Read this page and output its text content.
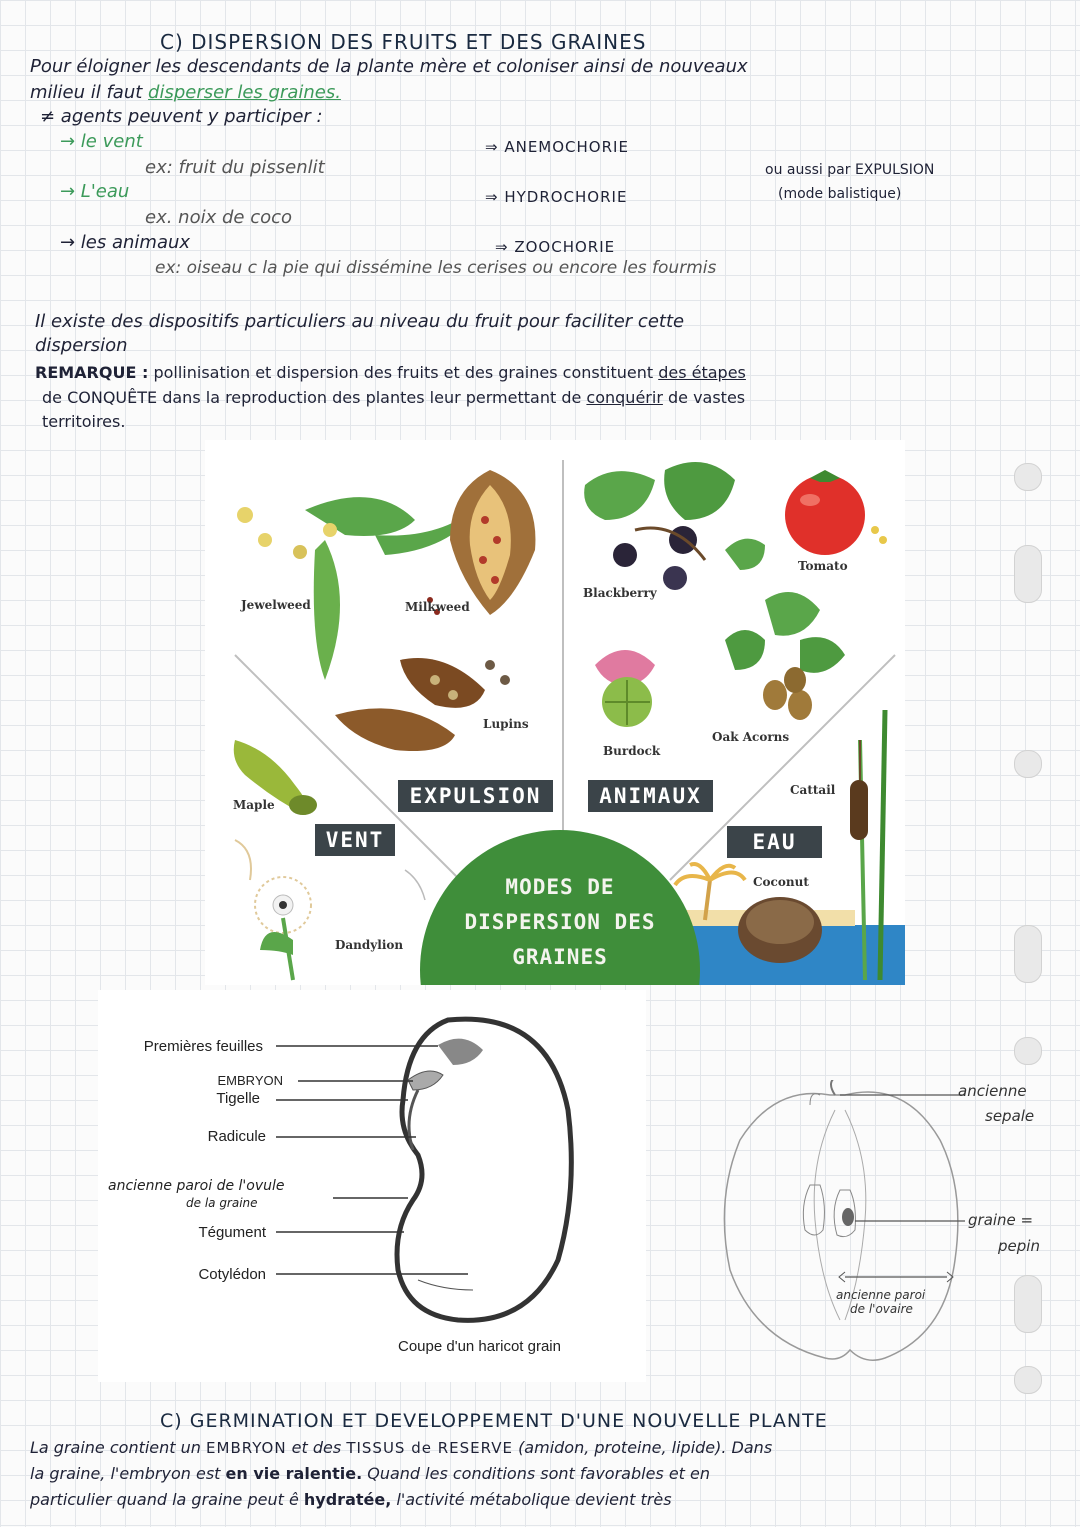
C) DISPERSION DES FRUITS ET DES GRAINES
Pour éloigner les descendants de la plante mère et coloniser ainsi de nouveaux
milieu il faut disperser les graines.
≠ agents peuvent y participer :
→ le vent
ex: fruit du pissenlit
→ L'eau
ex. noix de coco
→ les animaux
ex: oiseau c la pie qui dissémine les cerises ou encore les fourmis
⇒ ANEMOCHORIE
⇒ HYDROCHORIE
⇒ ZOOCHORIE
ou aussi par EXPULSION
(mode balistique)
Il existe des dispositifs particuliers au niveau du fruit pour faciliter cette
dispersion
REMARQUE : pollinisation et dispersion des fruits et des graines constituent des étapes
de CONQUÊTE dans la reproduction des plantes leur permettant de conquérir de vastes
territoires.
Jewelweed	Milkweed
Lupins
Maple
Dandylion
Blackberry
Tomato
Burdock
Oak Acorns
Cattail
Coconut
EXPULSION	ANIMAUX
VENT	EAU
MODES DE
DISPERSION DES
GRAINES
Premières feuilles
EMBRYON
Tigelle
Radicule
ancienne paroi de l'ovule
de la graine
Tégument
Cotylédon
Coupe d'un haricot grain
ancienne
sepale
graine =
pepin
ancienne paroi
de l'ovaire
C) GERMINATION ET DEVELOPPEMENT D'UNE NOUVELLE PLANTE
La graine contient un EMBRYON et des TISSUS de RESERVE (amidon, proteine, lipide). Dans
la graine, l'embryon est en vie ralentie. Quand les conditions sont favorables et en
particulier quand la graine peut ê hydratée, l'activité métabolique devient très
